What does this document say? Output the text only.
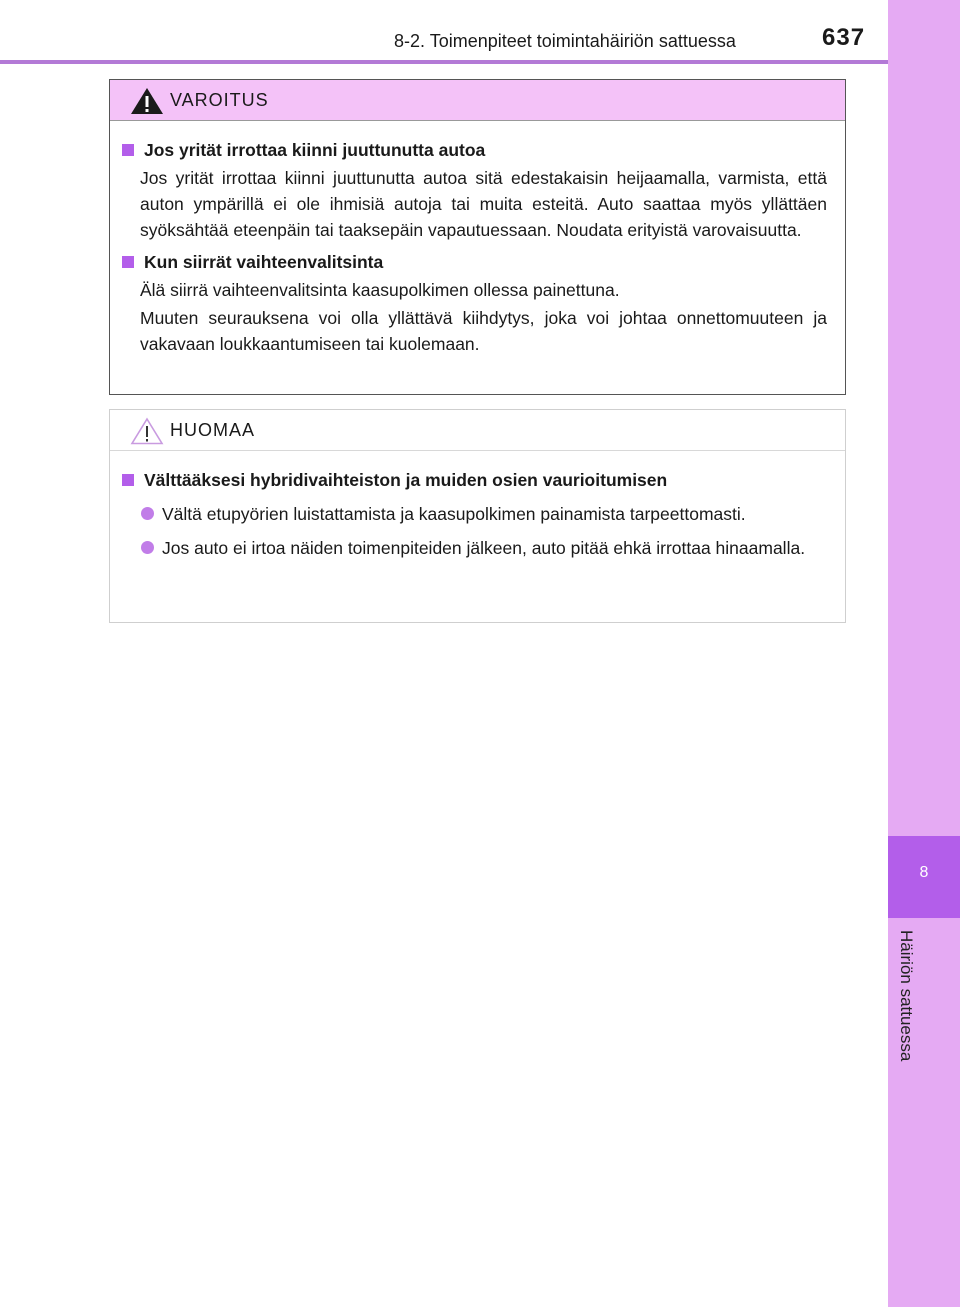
8-2. Toimenpiteet toimintahäiriön sattuessa	637
8
Häiriön sattuessa
VAROITUS
Jos yrität irrottaa kiinni juuttunutta autoa

Jos yrität irrottaa kiinni juuttunutta autoa sitä edestakaisin heijaamalla, varmista, että auton ympärillä ei ole ihmisiä autoja tai muita esteitä. Auto saattaa myös yllättäen syöksähtää eteenpäin tai taaksepäin vapautuessaan. Noudata erityistä varovaisuutta.

Kun siirrät vaihteenvalitsinta

Älä siirrä vaihteenvalitsinta kaasupolkimen ollessa painettuna.

Muuten seurauksena voi olla yllättävä kiihdytys, joka voi johtaa onnettomuuteen ja vakavaan loukkaantumiseen tai kuolemaan.

HUOMAA
Välttääksesi hybridivaihteiston ja muiden osien vaurioitumisen

Vältä etupyörien luistattamista ja kaasupolkimen painamista tarpeettomasti.

Jos auto ei irtoa näiden toimenpiteiden jälkeen, auto pitää ehkä irrottaa hinaamalla.
